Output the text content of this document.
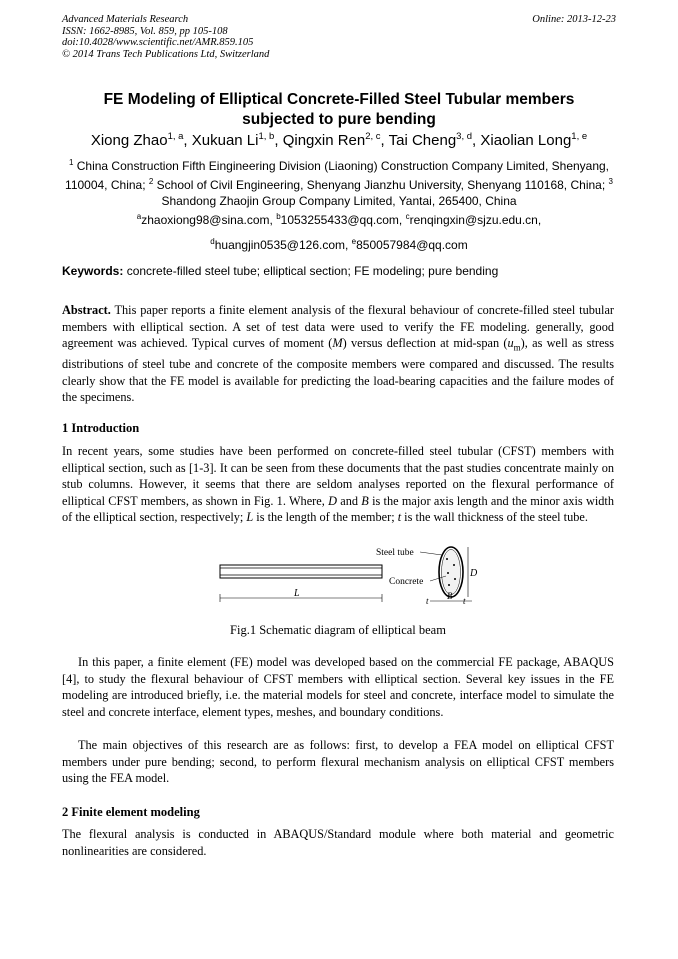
Advanced Materials Research
ISSN: 1662-8985, Vol. 859, pp 105-108
doi:10.4028/www.scientific.net/AMR.859.105
© 2014 Trans Tech Publications Ltd, Switzerland
Online: 2013-12-23
FE Modeling of Elliptical Concrete-Filled Steel Tubular members
subjected to pure bending
Xiong Zhao$^{1, a}$, Xukuan Li$^{1, b}$, Qingxin Ren$^{2, c}$, Tai Cheng$^{3, d}$, Xiaolian Long$^{1, e}$
$^1$ China Construction Fifth Eingineering Division (Liaoning) Construction Company Limited, Shenyang, 110004, China; $^2$ School of Civil Engineering, Shenyang Jianzhu University, Shenyang 110168, China; $^3$ Shandong Zhaojin Group Company Limited, Yantai, 265400, China
$^a$zhaoxiong98@sina.com, $^b$1053255433@qq.com, $^c$renqingxin@sjzu.edu.cn,
$^d$huangjin0535@126.com, $^e$850057984@qq.com
Keywords: concrete-filled steel tube; elliptical section; FE modeling; pure bending
Abstract. This paper reports a finite element analysis of the flexural behaviour of concrete-filled steel tubular members with elliptical section. A set of test data were used to verify the FE modeling. generally, good agreement was achieved. Typical curves of moment (M) versus deflection at mid-span $(u_m)$, as well as stress distributions of steel tube and concrete of the composite members were compared and discussed. The results clearly show that the FE model is available for predicting the load-bearing capacities and the failure modes of the specimens.
1 Introduction
In recent years, some studies have been performed on concrete-filled steel tubular (CFST) members with elliptical section, such as [1-3]. It can be seen from these documents that the past studies concentrate mainly on stub columns. However, it seems that there are seldom analyses reported on the flexural performance of elliptical CFST members, as shown in Fig. 1. Where, D and B is the major axis length and the minor axis width of the elliptical section, respectively; L is the length of the member; t is the wall thickness of the steel tube.
L
D
Steel tube
Concrete
t B t
Fig.1 Schematic diagram of elliptical beam
In this paper, a finite element (FE) model was developed based on the commercial FE package, ABAQUS [4], to study the flexural behaviour of CFST members with elliptical section. Several key issues in the FE modeling are introduced briefly, i.e. the material models for steel and concrete, interface model to simulate the steel and concrete interface, element types, meshes, and boundary conditions.
The main objectives of this research are as follows: first, to develop a FEA model on elliptical CFST members under pure bending; second, to perform flexural mechanism analysis on elliptical CFST members using the FEA model.
2 Finite element modeling
The flexural analysis is conducted in ABAQUS/Standard module where both material and geometric nonlinearities are considered.
